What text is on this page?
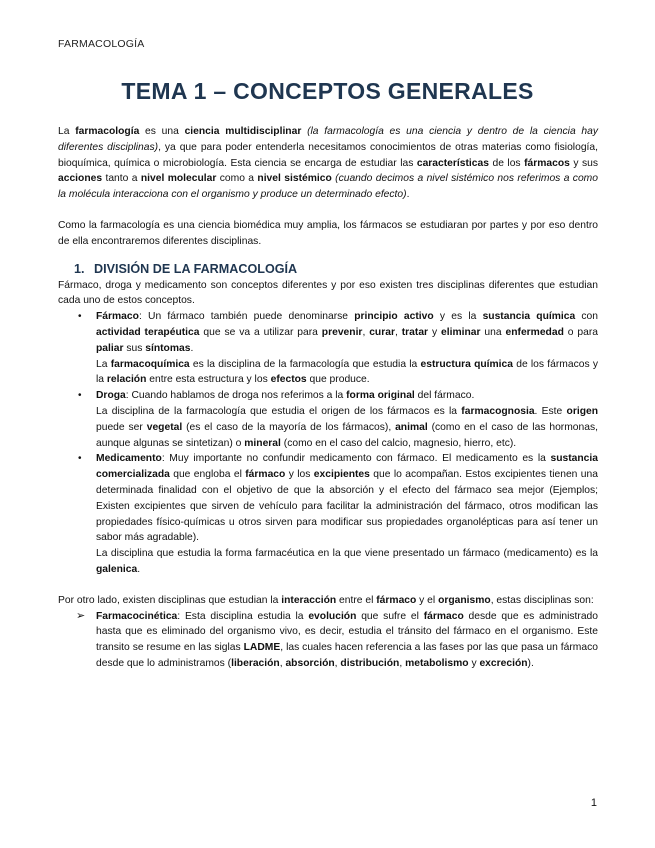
FARMACOLOGÍA
TEMA 1 – CONCEPTOS GENERALES

La farmacología es una ciencia multidisciplinar (la farmacología es una ciencia y dentro de la ciencia hay diferentes disciplinas), ya que para poder entenderla necesitamos conocimientos de otras materias como fisiología, bioquímica, química o microbiología. Esta ciencia se encarga de estudiar las características de los fármacos y sus acciones tanto a nivel molecular como a nivel sistémico (cuando decimos a nivel sistémico nos referimos a como la molécula interacciona con el organismo y produce un determinado efecto).

Como la farmacología es una ciencia biomédica muy amplia, los fármacos se estudiaran por partes y por eso dentro de ella encontraremos diferentes disciplinas.

1. DIVISIÓN DE LA FARMACOLOGÍA

Fármaco, droga y medicamento son conceptos diferentes y por eso existen tres disciplinas diferentes que estudian cada uno de estos conceptos.

• Fármaco: Un fármaco también puede denominarse principio activo y es la sustancia química con actividad terapéutica que se va a utilizar para prevenir, curar, tratar y eliminar una enfermedad o para paliar sus síntomas.
La farmacoquímica es la disciplina de la farmacología que estudia la estructura química de los fármacos y la relación entre esta estructura y los efectos que produce.
• Droga: Cuando hablamos de droga nos referimos a la forma original del fármaco.
La disciplina de la farmacología que estudia el origen de los fármacos es la farmacognosia. Este origen puede ser vegetal (es el caso de la mayoría de los fármacos), animal (como en el caso de las hormonas, aunque algunas se sintetizan) o mineral (como en el caso del calcio, magnesio, hierro, etc).
• Medicamento: Muy importante no confundir medicamento con fármaco. El medicamento es la sustancia comercializada que engloba el fármaco y los excipientes que lo acompañan. Estos excipientes tienen una determinada finalidad con el objetivo de que la absorción y el efecto del fármaco sea mejor (Ejemplos; Existen excipientes que sirven de vehículo para facilitar la administración del fármaco, otros modifican las propiedades físico-químicas u otros sirven para modificar sus propiedades organolépticas para así tener un sabor más agradable).
La disciplina que estudia la forma farmacéutica en la que viene presentado un fármaco (medicamento) es la galenica.

Por otro lado, existen disciplinas que estudian la interacción entre el fármaco y el organismo, estas disciplinas son:

➢ Farmacocinética: Esta disciplina estudia la evolución que sufre el fármaco desde que es administrado hasta que es eliminado del organismo vivo, es decir, estudia el tránsito del fármaco en el organismo. Este transito se resume en las siglas LADME, las cuales hacen referencia a las fases por las que pasa un fármaco desde que lo administramos (liberación, absorción, distribución, metabolismo y excreción).
1
